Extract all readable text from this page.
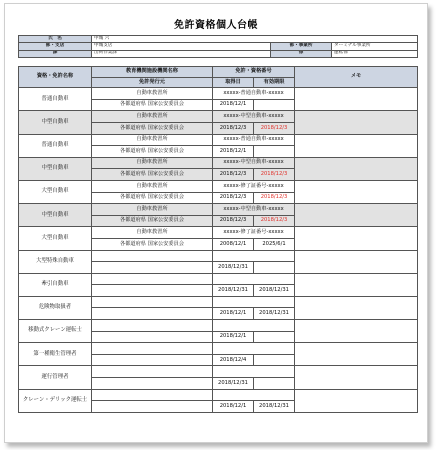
免許資格個人台帳
氏　名	中城 六		
部・支店	中城支店	部・事業所	ターミナル事業所
課	出荷作業課	係	運転係
資格・免許名称	教育機関施設機関名称	免許・資格番号		メモ
	免許発行元	取得日	有効期限	
普通自動車	自動車教習所	xxxxx-普通自動車-xxxxx		
	各都道府県 国家公安委員会	2018/12/1		
中型自動車	自動車教習所	xxxxx-中型自動車-xxxxx		
	各都道府県 国家公安委員会	2018/12/3	2018/12/3	
普通自動車	自動車教習所	xxxxx-普通自動車-xxxxx		
	各都道府県 国家公安委員会	2018/12/1		
中型自動車	自動車教習所	xxxxx-中型自動車-xxxxx		
	各都道府県 国家公安委員会	2018/12/3	2018/12/3	
大型自動車	自動車教習所	xxxxx-修了証番号-xxxxx		
	各都道府県 国家公安委員会	2018/12/3	2018/12/3	
中型自動車	自動車教習所	xxxxx-中型自動車-xxxxx		
	各都道府県 国家公安委員会	2018/12/3	2018/12/3	
大型自動車	自動車教習所	xxxxx-修了証番号-xxxxx		
	各都道府県 国家公安委員会	2008/12/1	2025/6/1	
大型特殊自動車				
		2018/12/31		
牽引自動車				
		2018/12/31	2018/12/31	
危険物取扱者				
		2018/12/1	2018/12/31	
移動式クレーン運転士				
		2018/12/1		
第一種衛生管理者				
		2018/12/4		
運行管理者				
		2018/12/31		
クレーン・デリック運転士				
		2018/12/1	2018/12/31	
